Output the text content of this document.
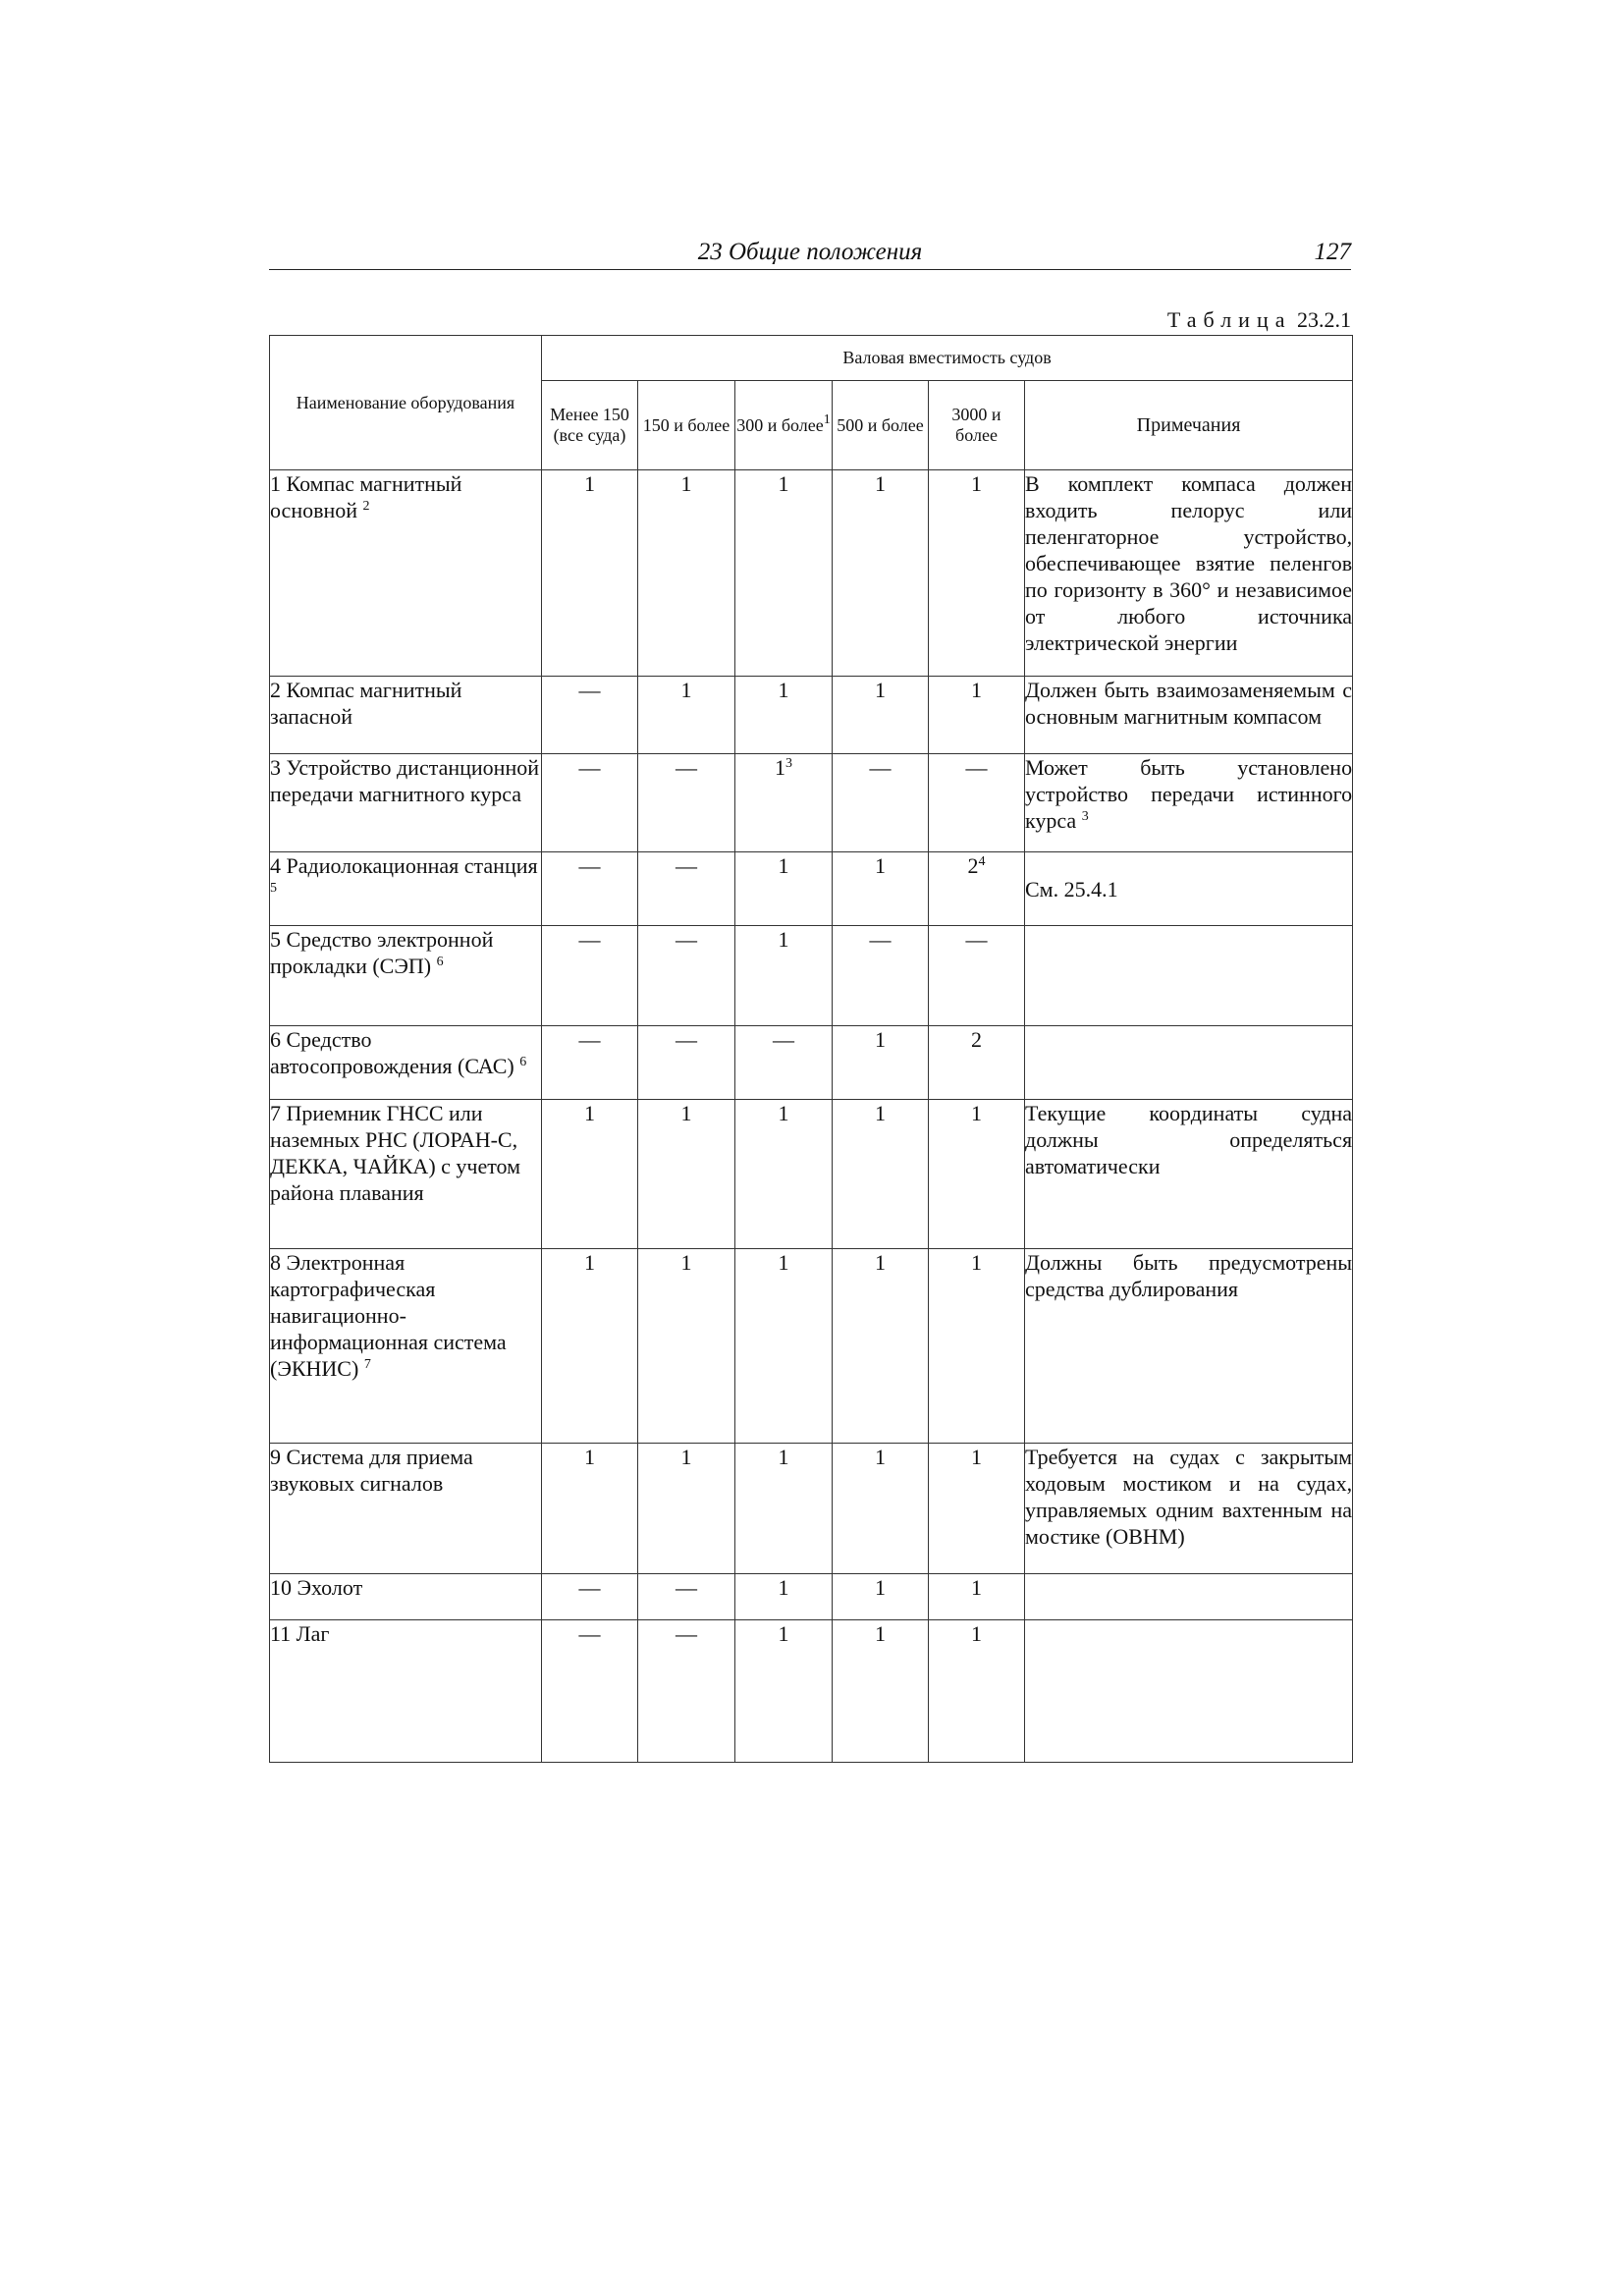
23 Общие положения	127
Таблица 23.2.1
Наименование оборудования	Валовая вместимость судов					
	Менее 150 (все суда)	150 и более	300 и более$^1$	500 и более	3000 и более	Примечания
1 Компас магнитный основной $^2$	1	1	1	1	1	В комплект компаса должен входить пелорус или пеленгаторное устройство, обеспечивающее взятие пеленгов по горизонту в 360° и независимое от любого источника электрической энергии
2 Компас магнитный запасной	—	1	1	1	1	Должен быть взаимозаменяемым с основным магнитным компасом
3 Устройство дистанционной передачи магнитного курса	—	—	$1^3$	—	—	Может быть установлено устройство передачи истинного курса $^3$
4 Радиолокационная станция $^5$	—	—	1	1	$2^4$	См. 25.4.1
5 Средство электронной прокладки (СЭП) $^6$	—	—	1	—	—	
6 Средство автосопровождения (САС) $^6$	—	—	—	1	2	
7 Приемник ГНСС или наземных РНС (ЛОРАН-С, ДЕККА, ЧАЙКА) с учетом района плавания	1	1	1	1	1	Текущие координаты судна должны определяться автоматически
8 Электронная картографическая навигационно-информационная система (ЭКНИС) $^7$	1	1	1	1	1	Должны быть предусмотрены средства дублирования
9 Система для приема звуковых сигналов	1	1	1	1	1	Требуется на судах с закрытым ходовым мостиком и на судах, управляемых одним вахтенным на мостике (ОВНМ)
10 Эхолот	—	—	1	1	1	
11 Лаг	—	—	1	1	1	
